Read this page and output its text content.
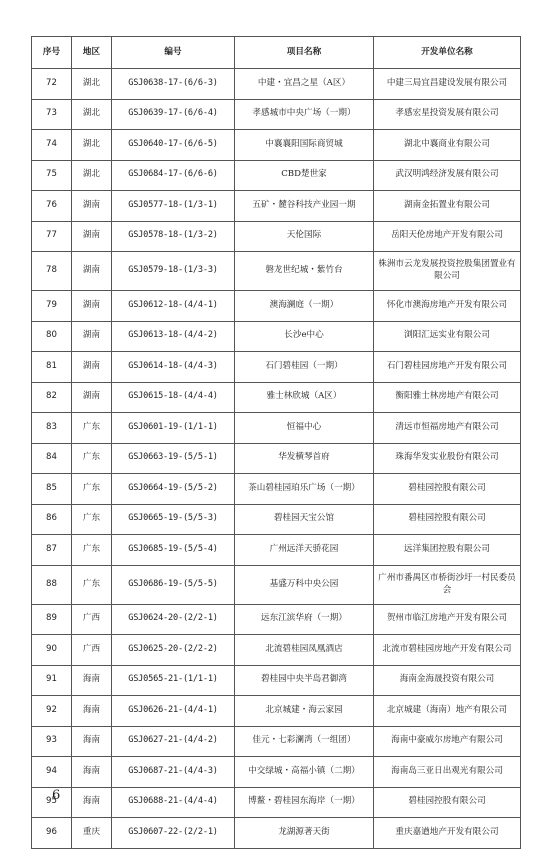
序号	地区	编号	项目名称	开发单位名称
72	湖北	GSJ0638-17-(6/6-3)	中建・宜昌之星（A区）	中建三局宜昌建设发展有限公司
73	湖北	GSJ0639-17-(6/6-4)	孝感城市中央广场（一期）	孝感宏星投资发展有限公司
74	湖北	GSJ0640-17-(6/6-5)	中襄襄阳国际商贸城	湖北中襄商业有限公司
75	湖北	GSJ0684-17-(6/6-6)	CBD楚世家	武汉明鸿经济发展有限公司
76	湖南	GSJ0577-18-(1/3-1)	五矿・麓谷科技产业园一期	湖南金拓置业有限公司
77	湖南	GSJ0578-18-(1/3-2)	天伦国际	岳阳天伦房地产开发有限公司
78	湖南	GSJ0579-18-(1/3-3)	磐龙世纪城・紫竹台	株洲市云龙发展投资控股集团置业有限公司
79	湖南	GSJ0612-18-(4/4-1)	澳海澜庭（一期）	怀化市澳海房地产开发有限公司
80	湖南	GSJ0613-18-(4/4-2)	长沙e中心	浏阳汇远实业有限公司
81	湖南	GSJ0614-18-(4/4-3)	石门碧桂园（一期）	石门碧桂园房地产开发有限公司
82	湖南	GSJ0615-18-(4/4-4)	雅士林欣城（A区）	衡阳雅士林房地产有限公司
83	广东	GSJ0601-19-(1/1-1)	恒福中心	清远市恒福房地产有限公司
84	广东	GSJ0663-19-(5/5-1)	华发横琴首府	珠海华发实业股份有限公司
85	广东	GSJ0664-19-(5/5-2)	茶山碧桂园珀乐广场（一期）	碧桂园控股有限公司
86	广东	GSJ0665-19-(5/5-3)	碧桂园天宝公馆	碧桂园控股有限公司
87	广东	GSJ0685-19-(5/5-4)	广州远洋天骄花园	远洋集团控股有限公司
88	广东	GSJ0686-19-(5/5-5)	基盛万科中央公园	广州市番禺区市桥街沙圩一村民委员会
89	广西	GSJ0624-20-(2/2-1)	远东江滨华府（一期）	贺州市临江房地产开发有限公司
90	广西	GSJ0625-20-(2/2-2)	北流碧桂园凤凰酒店	北流市碧桂园房地产开发有限公司
91	海南	GSJ0565-21-(1/1-1)	碧桂园中央半岛君御湾	海南金海晟投资有限公司
92	海南	GSJ0626-21-(4/4-1)	北京城建・海云家园	北京城建（海南）地产有限公司
93	海南	GSJ0627-21-(4/4-2)	佳元・七彩澜湾（一组团）	海南中豪威尔房地产有限公司
94	海南	GSJ0687-21-(4/4-3)	中交绿城・高福小镇（二期）	海南岛三亚日出观光有限公司
95	海南	GSJ0688-21-(4/4-4)	博鳌・碧桂园东海岸（一期）	碧桂园控股有限公司
96	重庆	GSJ0607-22-(2/2-1)	龙湖源著天街	重庆嘉遒地产开发有限公司
6
